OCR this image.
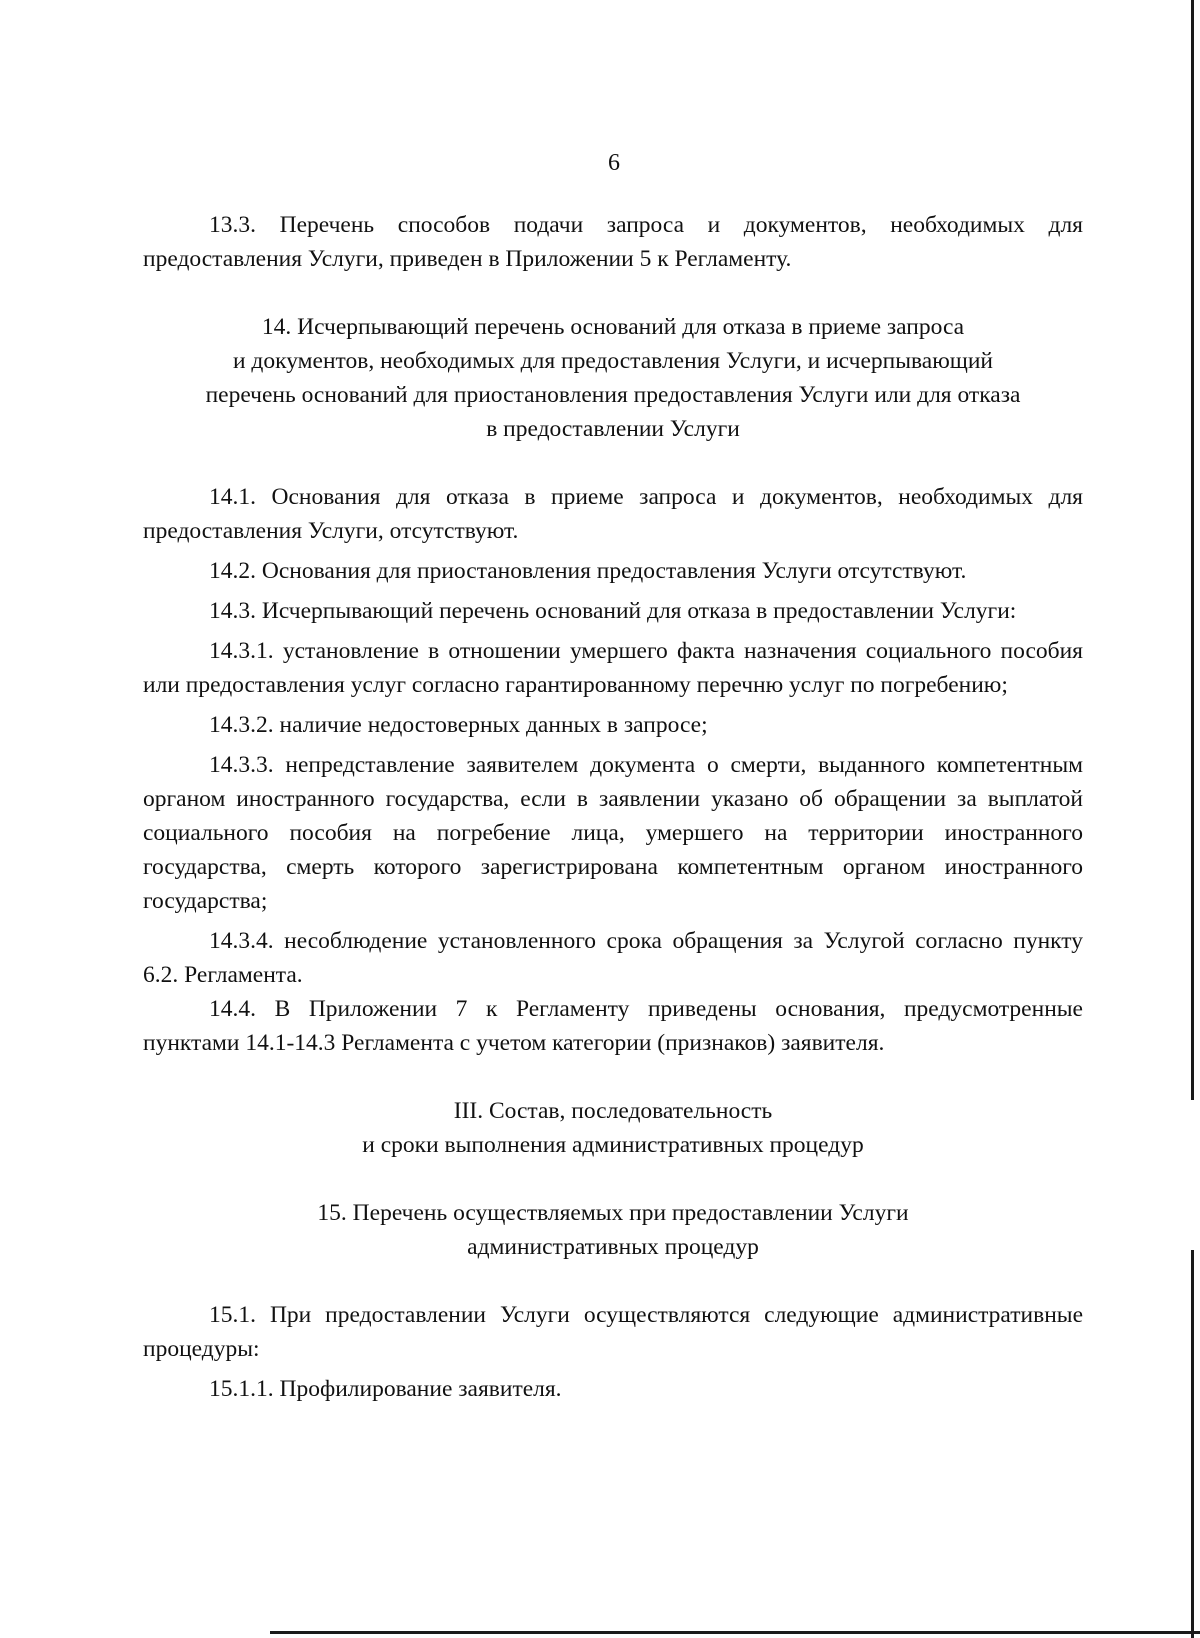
6

13.3. Перечень способов подачи запроса и документов, необходимых для предоставления Услуги, приведен в Приложении 5 к Регламенту.

14. Исчерпывающий перечень оснований для отказа в приеме запроса
и документов, необходимых для предоставления Услуги, и исчерпывающий
перечень оснований для приостановления предоставления Услуги или для отказа
в предоставлении Услуги

14.1. Основания для отказа в приеме запроса и документов, необходимых для предоставления Услуги, отсутствуют.

14.2. Основания для приостановления предоставления Услуги отсутствуют.

14.3. Исчерпывающий перечень оснований для отказа в предоставлении Услуги:

14.3.1. установление в отношении умершего факта назначения социального пособия или предоставления услуг согласно гарантированному перечню услуг по погребению;

14.3.2. наличие недостоверных данных в запросе;

14.3.3. непредставление заявителем документа о смерти, выданного компетентным органом иностранного государства, если в заявлении указано об обращении за выплатой социального пособия на погребение лица, умершего на территории иностранного государства, смерть которого зарегистрирована компетентным органом иностранного государства;

14.3.4. несоблюдение установленного срока обращения за Услугой согласно пункту 6.2. Регламента.

14.4. В Приложении 7 к Регламенту приведены основания, предусмотренные пунктами 14.1-14.3 Регламента с учетом категории (признаков) заявителя.

III. Состав, последовательность
и сроки выполнения административных процедур
15. Перечень осуществляемых при предоставлении Услуги
административных процедур

15.1. При предоставлении Услуги осуществляются следующие административные процедуры:

15.1.1. Профилирование заявителя.
